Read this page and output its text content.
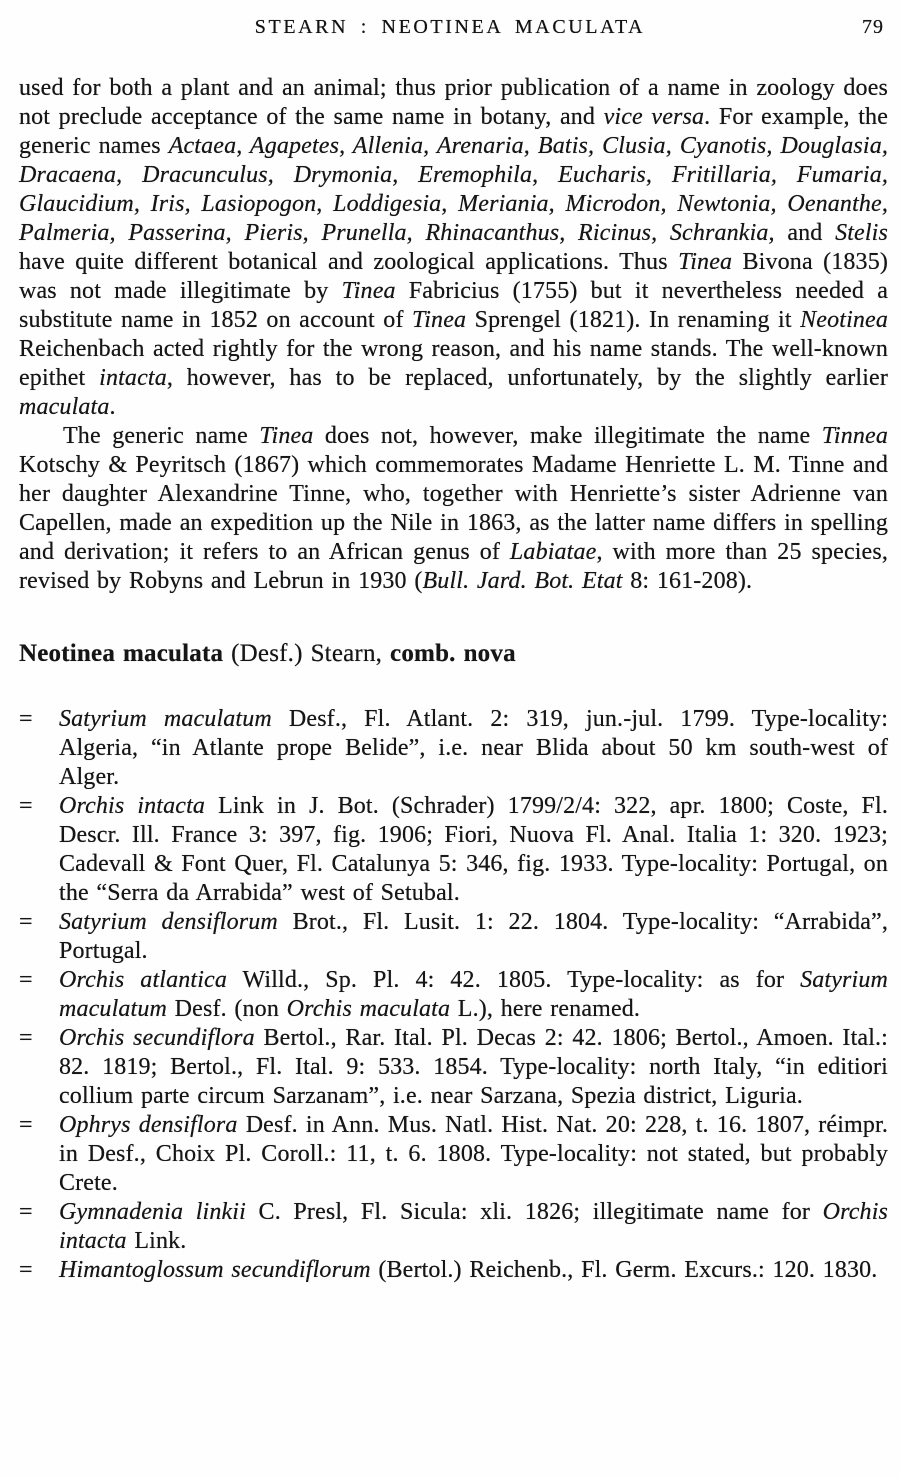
STEARN : NEOTINEA MACULATA	79

used for both a plant and an animal; thus prior publication of a name in zoology does not preclude acceptance of the same name in botany, and vice versa. For example, the generic names Actaea, Agapetes, Allenia, Arenaria, Batis, Clusia, Cyanotis, Douglasia, Dracaena, Dracunculus, Drymonia, Eremophila, Eucharis, Fritillaria, Fumaria, Glaucidium, Iris, Lasiopogon, Loddigesia, Meriania, Microdon, Newtonia, Oenanthe, Palmeria, Passerina, Pieris, Prunella, Rhinacanthus, Ricinus, Schrankia, and Stelis have quite different botanical and zoological applications. Thus Tinea Bivona (1835) was not made illegitimate by Tinea Fabricius (1755) but it nevertheless needed a substitute name in 1852 on account of Tinea Sprengel (1821). In renaming it Neotinea Reichenbach acted rightly for the wrong reason, and his name stands. The well-known epithet intacta, however, has to be replaced, unfortunately, by the slightly earlier maculata.

The generic name Tinea does not, however, make illegitimate the name Tinnea Kotschy & Peyritsch (1867) which commemorates Madame Henriette L. M. Tinne and her daughter Alexandrine Tinne, who, together with Henriette’s sister Adrienne van Capellen, made an expedition up the Nile in 1863, as the latter name differs in spelling and derivation; it refers to an African genus of Labiatae, with more than 25 species, revised by Robyns and Lebrun in 1930 (Bull. Jard. Bot. Etat 8: 161-208).

Neotinea maculata (Desf.) Stearn, comb. nova
= Satyrium maculatum Desf., Fl. Atlant. 2: 319, jun.-jul. 1799. Type-locality: Algeria, “in Atlante prope Belide”, i.e. near Blida about 50 km south-west of Alger.
= Orchis intacta Link in J. Bot. (Schrader) 1799/2/4: 322, apr. 1800; Coste, Fl. Descr. Ill. France 3: 397, fig. 1906; Fiori, Nuova Fl. Anal. Italia 1: 320. 1923; Cadevall & Font Quer, Fl. Catalunya 5: 346, fig. 1933. Type-locality: Portugal, on the “Serra da Arrabida” west of Setubal.
= Satyrium densiflorum Brot., Fl. Lusit. 1: 22. 1804. Type-locality: “Arrabida”, Portugal.
= Orchis atlantica Willd., Sp. Pl. 4: 42. 1805. Type-locality: as for Satyrium maculatum Desf. (non Orchis maculata L.), here renamed.
= Orchis secundiflora Bertol., Rar. Ital. Pl. Decas 2: 42. 1806; Bertol., Amoen. Ital.: 82. 1819; Bertol., Fl. Ital. 9: 533. 1854. Type-locality: north Italy, “in editiori collium parte circum Sarzanam”, i.e. near Sarzana, Spezia district, Liguria.
= Ophrys densiflora Desf. in Ann. Mus. Natl. Hist. Nat. 20: 228, t. 16. 1807, réimpr. in Desf., Choix Pl. Coroll.: 11, t. 6. 1808. Type-locality: not stated, but probably Crete.
= Gymnadenia linkii C. Presl, Fl. Sicula: xli. 1826; illegitimate name for Orchis intacta Link.
= Himantoglossum secundiflorum (Bertol.) Reichenb., Fl. Germ. Excurs.: 120. 1830.
